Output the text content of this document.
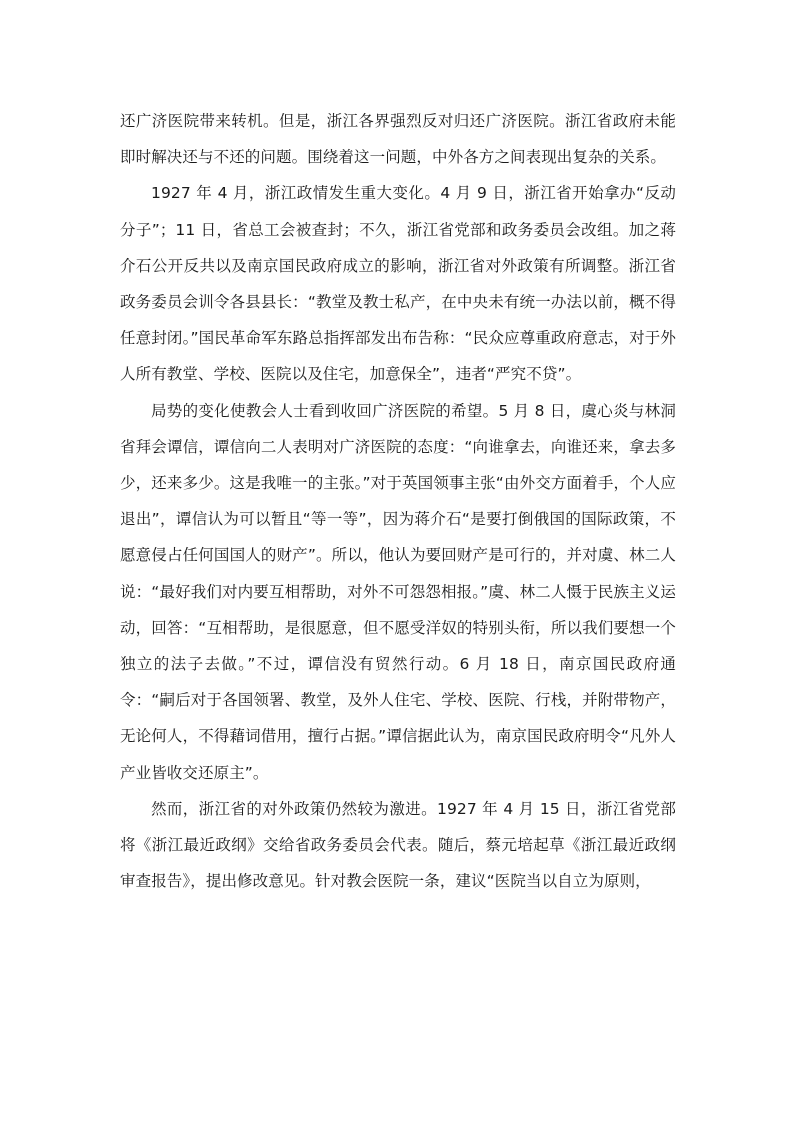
还广济医院带来转机。但是，浙江各界强烈反对归还广济医院。浙江省政府未能即时解决还与不还的问题。围绕着这一问题，中外各方之间表现出复杂的关系。

1927 年 4 月，浙江政情发生重大变化。4 月 9 日，浙江省开始拿办“反动分子”；11 日，省总工会被查封；不久，浙江省党部和政务委员会改组。加之蒋介石公开反共以及南京国民政府成立的影响，浙江省对外政策有所调整。浙江省政务委员会训令各县县长：“教堂及教士私产，在中央未有统一办法以前，概不得任意封闭。”国民革命军东路总指挥部发出布告称：“民众应尊重政府意志，对于外人所有教堂、学校、医院以及住宅，加意保全”，违者“严究不贷”。

局势的变化使教会人士看到收回广济医院的希望。5 月 8 日，虞心炎与林洞省拜会谭信，谭信向二人表明对广济医院的态度：“向谁拿去，向谁还来，拿去多少，还来多少。这是我唯一的主张。”对于英国领事主张“由外交方面着手，个人应退出”，谭信认为可以暂且“等一等”，因为蒋介石“是要打倒俄国的国际政策，不愿意侵占任何国国人的财产”。所以，他认为要回财产是可行的，并对虞、林二人说：“最好我们对内要互相帮助，对外不可怨怨相报。”虞、林二人慑于民族主义运动，回答：“互相帮助，是很愿意，但不愿受洋奴的特别头衔，所以我们要想一个独立的法子去做。”不过，谭信没有贸然行动。6 月 18 日，南京国民政府通令：“嗣后对于各国领署、教堂，及外人住宅、学校、医院、行栈，并附带物产，无论何人，不得藉词借用，擅行占据。”谭信据此认为，南京国民政府明令“凡外人产业皆收交还原主”。

然而，浙江省的对外政策仍然较为激进。1927 年 4 月 15 日，浙江省党部将《浙江最近政纲》交给省政务委员会代表。随后，蔡元培起草《浙江最近政纲审查报告》，提出修改意见。针对教会医院一条，建议“医院当以自立为原则，
